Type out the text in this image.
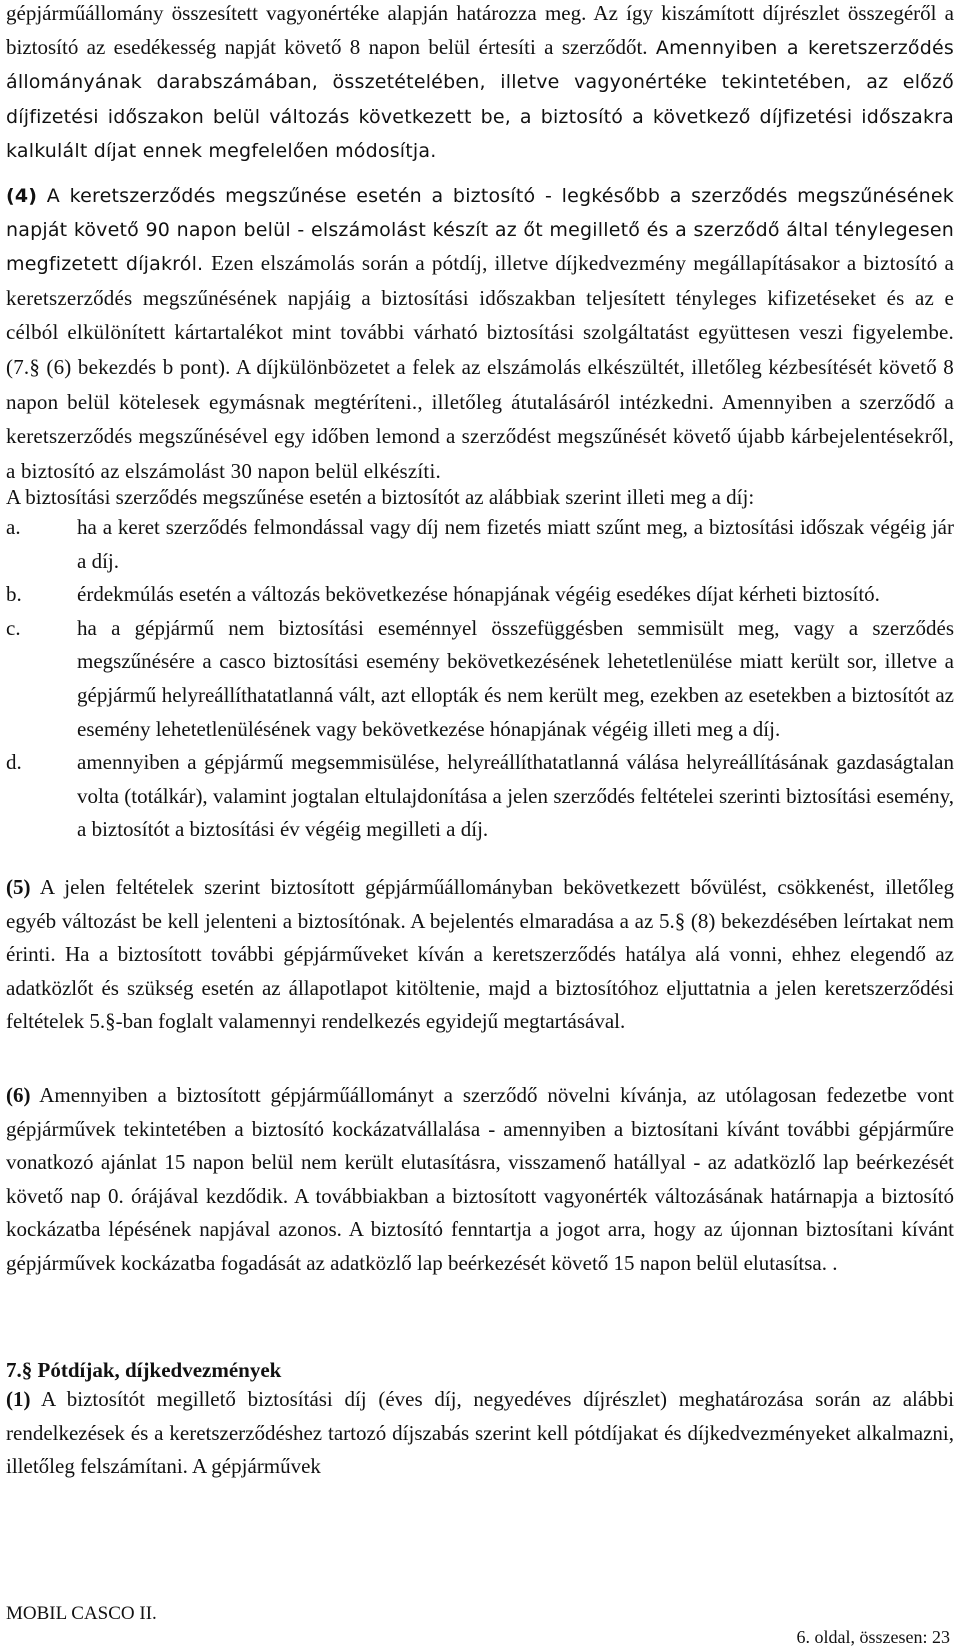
gépjárműállomány összesített vagyonértéke alapján határozza meg. Az így kiszámított díjrészlet összegéről a biztosító az esedékesség napját követő 8 napon belül értesíti a szerződőt. Amennyiben a keretszerződés állományának darabszámában, összetételében, illetve vagyonértéke tekintetében, az előző díjfizetési időszakon belül változás következett be, a biztosító a következő díjfizetési időszakra kalkulált díjat ennek megfelelően módosítja.

(4) A keretszerződés megszűnése esetén a biztosító - legkésőbb a szerződés megszűnésének napját követő 90 napon belül - elszámolást készít az őt megillető és a szerződő által ténylegesen megfizetett díjakról. Ezen elszámolás során a pótdíj, illetve díjkedvezmény megállapításakor a biztosító a keretszerződés megszűnésének napjáig a biztosítási időszakban teljesített tényleges kifizetéseket és az e célból elkülönített kártartalékot mint további várható biztosítási szolgáltatást együttesen veszi figyelembe. (7.§ (6) bekezdés b pont). A díjkülönbözetet a felek az elszámolás elkészültét, illetőleg kézbesítését követő 8 napon belül kötelesek egymásnak megtéríteni., illetőleg átutalásáról intézkedni. Amennyiben a szerződő a keretszerződés megszűnésével egy időben lemond a szerződést megszűnését követő újabb kárbejelentésekről, a biztosító az elszámolást 30 napon belül elkészíti.

A biztosítási szerződés megszűnése esetén a biztosítót az alábbiak szerint illeti meg a díj:

a.	ha a keret szerződés felmondással vagy díj nem fizetés miatt szűnt meg, a biztosítási időszak végéig jár a díj.
b.	érdekmúlás esetén a változás bekövetkezése hónapjának végéig esedékes díjat kérheti biztosító.
c.	ha a gépjármű nem biztosítási eseménnyel összefüggésben semmisült meg, vagy a szerződés megszűnésére a casco biztosítási esemény bekövetkezésének lehetetlenülése miatt került sor, illetve a gépjármű helyreállíthatatlanná vált, azt ellopták és nem került meg, ezekben az esetekben a biztosítót az esemény lehetetlenülésének vagy bekövetkezése hónapjának végéig illeti meg a díj.
d.	amennyiben a gépjármű megsemmisülése, helyreállíthatatlanná válása helyreállításának gazdaságtalan volta (totálkár), valamint jogtalan eltulajdonítása a jelen szerződés feltételei szerinti biztosítási esemény, a biztosítót a biztosítási év végéig megilleti a díj.

(5) A jelen feltételek szerint biztosított gépjárműállományban bekövetkezett bővülést, csökkenést, illetőleg egyéb változást be kell jelenteni a biztosítónak. A bejelentés elmaradása a az 5.§ (8) bekezdésében leírtakat nem érinti. Ha a biztosított további gépjárműveket kíván a keretszerződés hatálya alá vonni, ehhez elegendő az adatközlőt és szükség esetén az állapotlapot kitöltenie, majd a biztosítóhoz eljuttatnia a jelen keretszerződési feltételek 5.§-ban foglalt valamennyi rendelkezés egyidejű megtartásával.

(6) Amennyiben a biztosított gépjárműállományt a szerződő növelni kívánja, az utólagosan fedezetbe vont gépjárművek tekintetében a biztosító kockázatvállalása - amennyiben a biztosítani kívánt további gépjárműre vonatkozó ajánlat 15 napon belül nem került elutasításra, visszamenő hatállyal - az adatközlő lap beérkezését követő nap 0. órájával kezdődik. A továbbiakban a biztosított vagyonérték változásának határnapja a biztosító kockázatba lépésének napjával azonos. A biztosító fenntartja a jogot arra, hogy az újonnan biztosítani kívánt gépjárművek kockázatba fogadását az adatközlő lap beérkezését követő 15 napon belül elutasítsa. .

7.§ Pótdíjak, díjkedvezmények

(1) A biztosítót megillető biztosítási díj (éves díj, negyedéves díjrészlet) meghatározása során az alábbi rendelkezések és a keretszerződéshez tartozó díjszabás szerint kell pótdíjakat és díjkedvezményeket alkalmazni, illetőleg felszámítani. A gépjárművek

MOBIL CASCO II.

6. oldal, összesen: 23
